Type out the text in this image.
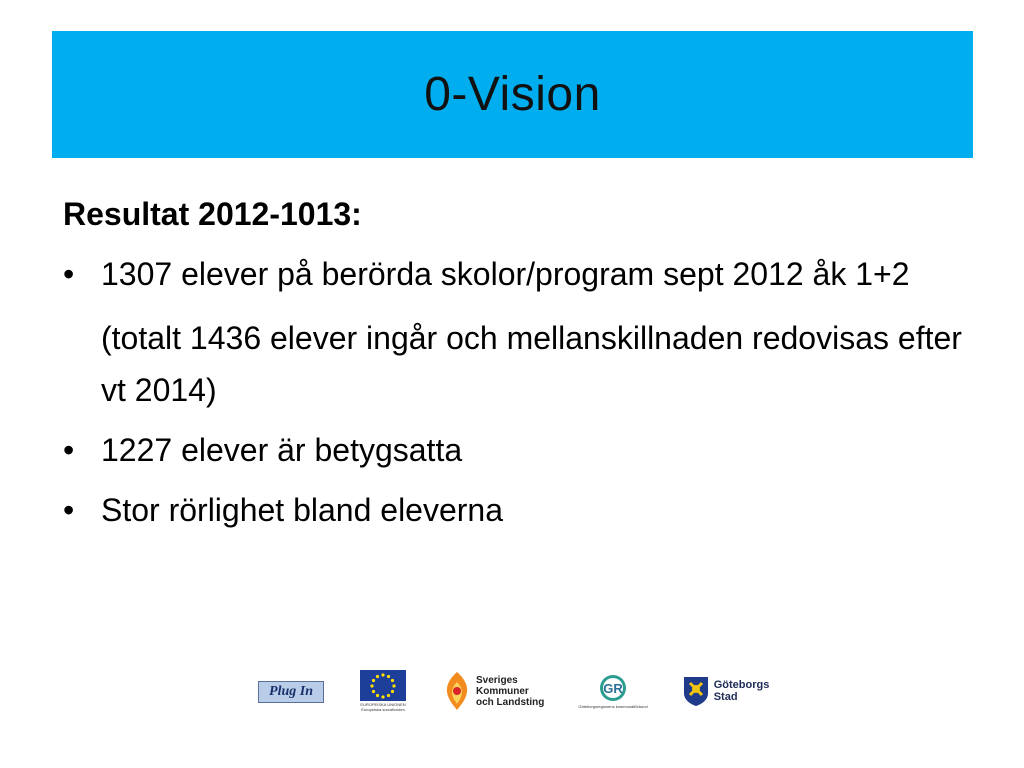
0-Vision
Resultat 2012-1013:
• 1307 elever på berörda skolor/program sept 2012 åk 1+2
(totalt 1436 elever ingår och mellanskillnaden redovisas efter vt 2014)
• 1227 elever är betygsatta
• Stor rörlighet bland eleverna
Plug In
EUROPEISKA UNIONEN
Europeiska socialfonden
Sveriges
Kommuner
och Landsting
GR
Göteborgsregionens kommunalförbund
Göteborgs
Stad
